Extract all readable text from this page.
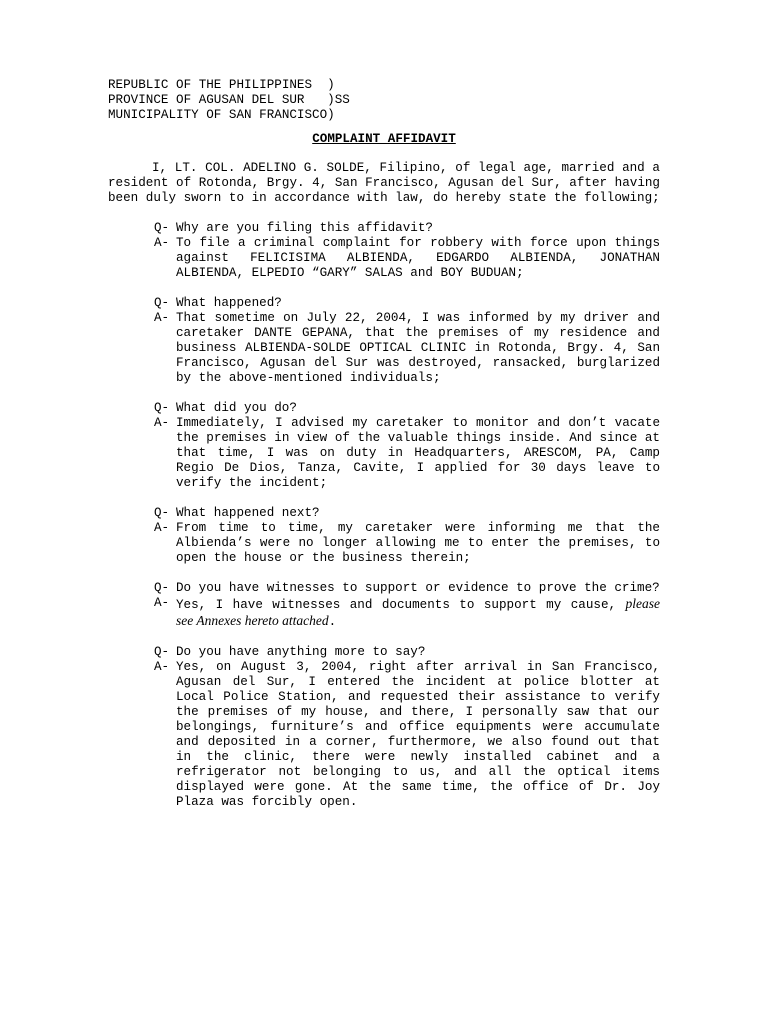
REPUBLIC OF THE PHILIPPINES  )
PROVINCE OF AGUSAN DEL SUR   )SS
MUNICIPALITY OF SAN FRANCISCO)
COMPLAINT AFFIDAVIT
I, LT. COL. ADELINO G. SOLDE, Filipino, of legal age, married and a resident of Rotonda, Brgy. 4, San Francisco, Agusan del Sur, after having been duly sworn to in accordance with law, do hereby state the following;
Q- Why are you filing this affidavit?
A- To file a criminal complaint for robbery with force upon things against FELICISIMA ALBIENDA, EDGARDO ALBIENDA, JONATHAN ALBIENDA, ELPEDIO “GARY” SALAS and BOY BUDUAN;
Q- What happened?
A- That sometime on July 22, 2004, I was informed by my driver and caretaker DANTE GEPANA, that the premises of my residence and business ALBIENDA-SOLDE OPTICAL CLINIC in Rotonda, Brgy. 4, San Francisco, Agusan del Sur was destroyed, ransacked, burglarized by the above-mentioned individuals;
Q- What did you do?
A- Immediately, I advised my caretaker to monitor and don’t vacate the premises in view of the valuable things inside. And since at that time, I was on duty in Headquarters, ARESCOM, PA, Camp Regio De Dios, Tanza, Cavite, I applied for 30 days leave to verify the incident;
Q- What happened next?
A- From time to time, my caretaker were informing me that the Albienda’s were no longer allowing me to enter the premises, to open the house or the business therein;
Q- Do you have witnesses to support or evidence to prove the crime?
A- Yes, I have witnesses and documents to support my cause, please see Annexes hereto attached.
Q- Do you have anything more to say?
A- Yes, on August 3, 2004, right after arrival in San Francisco, Agusan del Sur, I entered the incident at police blotter at Local Police Station, and requested their assistance to verify the premises of my house, and there, I personally saw that our belongings, furniture’s and office equipments were accumulate and deposited in a corner, furthermore, we also found out that in the clinic, there were newly installed cabinet and a refrigerator not belonging to us, and all the optical items displayed were gone. At the same time, the office of Dr. Joy Plaza was forcibly open.
